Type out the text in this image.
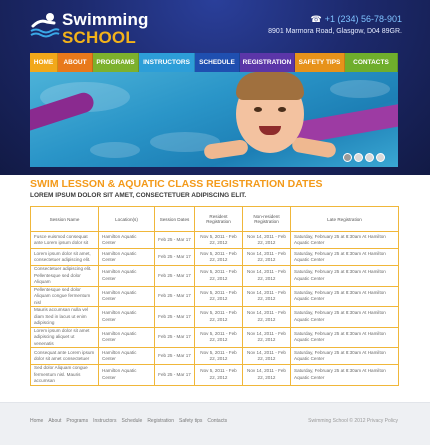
Swimming
SCHOOL
☎ +1 (234) 56-78-901
8901 Marmora Road, Glasgow, D04 89GR.
HOME	ABOUT	PROGRAMS	INSTRUCTORS	SCHEDULE	REGISTRATION	SAFETY TIPS	CONTACTS
SWIM LESSON & AQUATIC CLASS REGISTRATION DATES
LOREM IPSUM DOLOR SIT AMET, CONSECTETUER ADIPISCING ELIT.
Session Name	Location(s)	Session Dates	Resident Registration	Non-resident Registration	Late Registration
Fusce euismod consequat ante Lorem ipsum dolor sit	Hamilton Aquatic Center	Feb 25 - Mar 17	Nov 5, 2011 - Feb 22, 2012	Nov 14, 2011 - Feb 22, 2012	Saturday, February 25 at 8:30am At Hamilton Aquatic Center
Lorem ipsum dolor sit amet, consectetuer adipiscing elit.	Hamilton Aquatic Center	Feb 25 - Mar 17	Nov 5, 2011 - Feb 22, 2012	Nov 14, 2011 - Feb 22, 2012	Saturday, February 25 at 8:30am At Hamilton Aquatic Center
Consectetuer adipiscing elit. Pellentesque sed dolor Aliquam	Hamilton Aquatic Center	Feb 25 - Mar 17	Nov 5, 2011 - Feb 22, 2012	Nov 14, 2011 - Feb 22, 2012	Saturday, February 25 at 8:30am At Hamilton Aquatic Center
Pellentesque sed dolor Aliquam congue fermentum nisl	Hamilton Aquatic Center	Feb 25 - Mar 17	Nov 5, 2011 - Feb 22, 2012	Nov 14, 2011 - Feb 22, 2012	Saturday, February 25 at 8:30am At Hamilton Aquatic Center
Mauris accumsan nulla vel diam Sed in lacus ut enim adipiscing	Hamilton Aquatic Center	Feb 25 - Mar 17	Nov 5, 2011 - Feb 22, 2012	Nov 14, 2011 - Feb 22, 2012	Saturday, February 25 at 8:30am At Hamilton Aquatic Center
Lorem ipsum dolor sit amet adipiscing aliquet ut venenatis	Hamilton Aquatic Center	Feb 25 - Mar 17	Nov 5, 2011 - Feb 22, 2012	Nov 14, 2011 - Feb 22, 2012	Saturday, February 25 at 8:30am At Hamilton Aquatic Center
Consequat ante Lorem ipsum dolor sit amet consectetuer	Hamilton Aquatic Center	Feb 25 - Mar 17	Nov 5, 2011 - Feb 22, 2012	Nov 14, 2011 - Feb 22, 2012	Saturday, February 25 at 8:30am At Hamilton Aquatic Center
Sed dolor Aliquam congue fermentum nisl. Mauris accumsan	Hamilton Aquatic Center	Feb 25 - Mar 17	Nov 5, 2011 - Feb 22, 2012	Nov 14, 2011 - Feb 22, 2012	Saturday, February 25 at 8:30am At Hamilton Aquatic Center
Home About Programs Instructors Schedule Registration Safety tips Contacts	Swimming School © 2012 Privacy Policy
